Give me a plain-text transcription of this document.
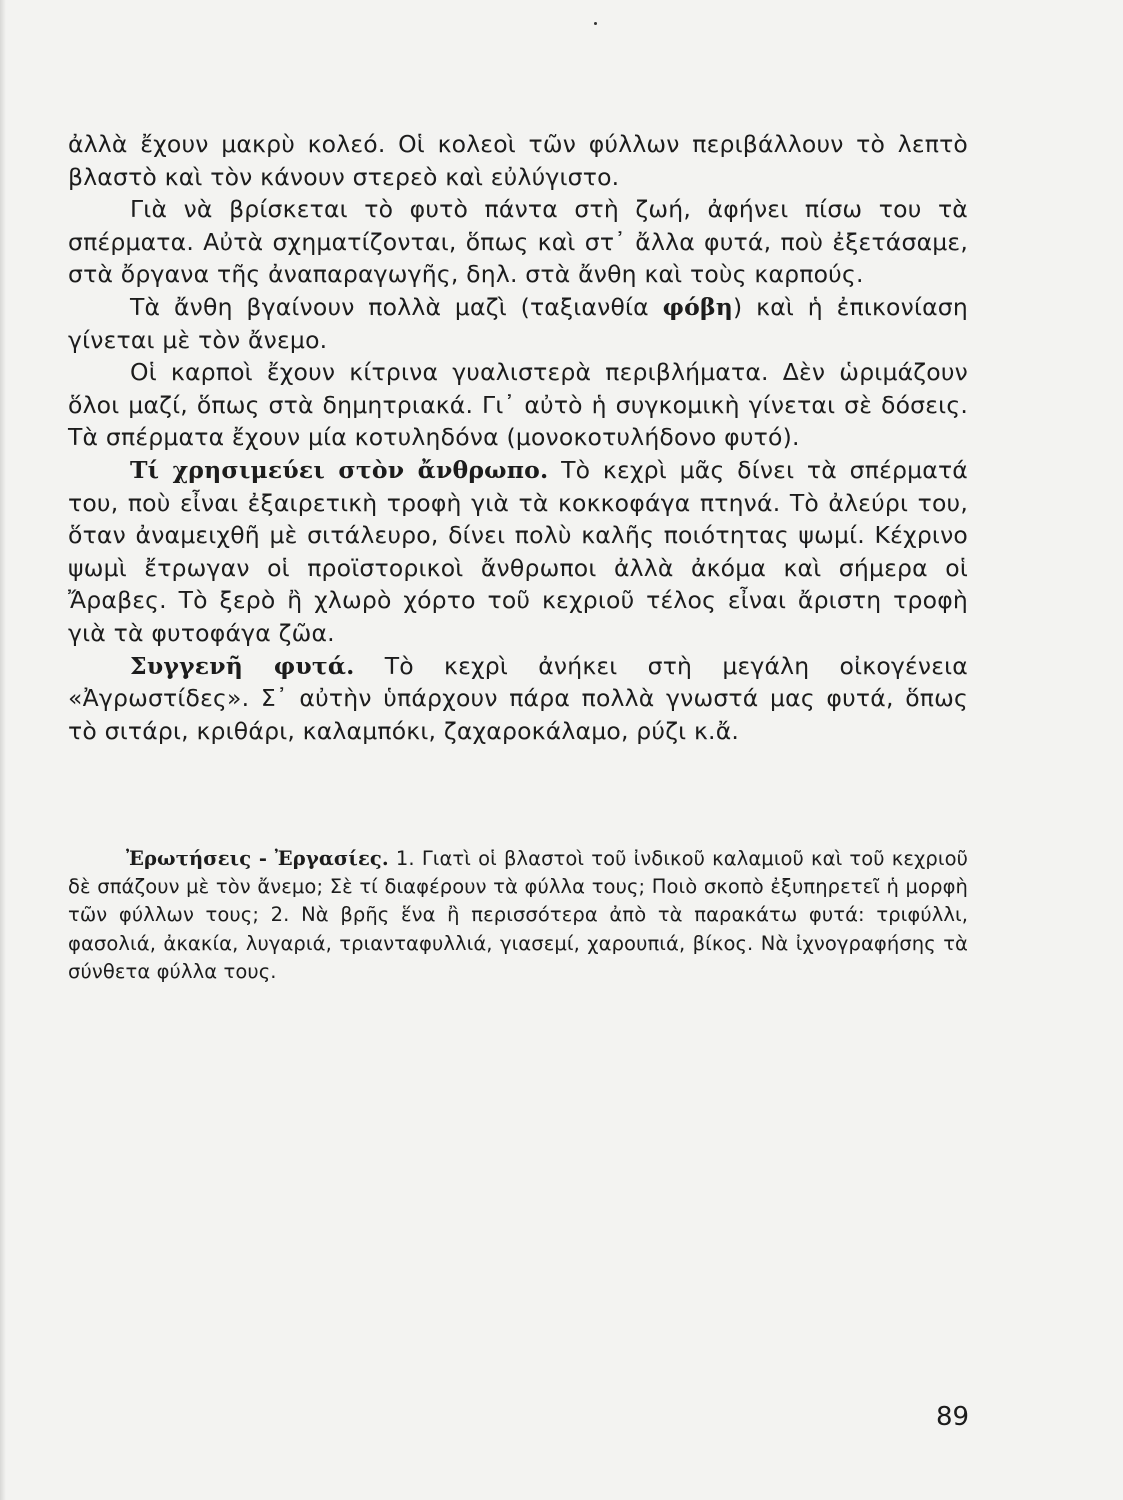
ἀλλὰ ἔχουν μακρὺ κολεό. Οἱ κολεοὶ τῶν φύλλων περιβάλλουν τὸ λεπτὸ βλαστὸ καὶ τὸν κάνουν στερεὸ καὶ εὐλύγιστο.

Γιὰ νὰ βρίσκεται τὸ φυτὸ πάντα στὴ ζωή, ἀφήνει πίσω του τὰ σπέρματα. Αὐτὰ σχηματίζονται, ὅπως καὶ στ᾽ ἄλλα φυτά, ποὺ ἐξετάσαμε, στὰ ὄργανα τῆς ἀναπαραγωγῆς, δηλ. στὰ ἄνθη καὶ τοὺς καρπούς.

Τὰ ἄνθη βγαίνουν πολλὰ μαζὶ (ταξιανθία φόβη) καὶ ἡ ἐπικονίαση γίνεται μὲ τὸν ἄνεμο.

Οἱ καρποὶ ἔχουν κίτρινα γυαλιστερὰ περιβλήματα. Δὲν ὡριμάζουν ὅλοι μαζί, ὅπως στὰ δημητριακά. Γι᾽ αὐτὸ ἡ συγκομικὴ γίνεται σὲ δόσεις. Τὰ σπέρματα ἔχουν μία κοτυληδόνα (μονοκοτυλήδονο φυτό).

Τί χρησιμεύει στὸν ἄνθρωπο. Τὸ κεχρὶ μᾶς δίνει τὰ σπέρματά του, ποὺ εἶναι ἐξαιρετικὴ τροφὴ γιὰ τὰ κοκκοφάγα πτηνά. Τὸ ἀλεύρι του, ὅταν ἀναμειχθῆ μὲ σιτάλευρο, δίνει πολὺ καλῆς ποιότητας ψωμί. Κέχρινο ψωμὶ ἔτρωγαν οἱ προϊστορικοὶ ἄνθρωποι ἀλλὰ ἀκόμα καὶ σήμερα οἱ Ἄραβες. Τὸ ξερὸ ἢ χλωρὸ χόρτο τοῦ κεχριοῦ τέλος εἶναι ἄριστη τροφὴ γιὰ τὰ φυτοφάγα ζῶα.

Συγγενῆ φυτά. Τὸ κεχρὶ ἀνήκει στὴ μεγάλη οἰκογένεια «Ἀγρωστίδες». Σ᾽ αὐτὴν ὑπάρχουν πάρα πολλὰ γνωστά μας φυτά, ὅπως τὸ σιτάρι, κριθάρι, καλαμπόκι, ζαχαροκάλαμο, ρύζι κ.ἄ.

Ἐρωτήσεις - Ἐργασίες. 1. Γιατὶ οἱ βλαστοὶ τοῦ ἰνδικοῦ καλαμιοῦ καὶ τοῦ κεχριοῦ δὲ σπάζουν μὲ τὸν ἄνεμο; Σὲ τί διαφέρουν τὰ φύλλα τους; Ποιὸ σκοπὸ ἐξυπηρετεῖ ἡ μορφὴ τῶν φύλλων τους; 2. Νὰ βρῆς ἕνα ἢ περισσότερα ἀπὸ τὰ παρακάτω φυτά: τριφύλλι, φασολιά, ἀκακία, λυγαριά, τριανταφυλλιά, γιασεμί, χαρουπιά, βίκος. Νὰ ἰχνογραφήσης τὰ σύνθετα φύλλα τους.
89
